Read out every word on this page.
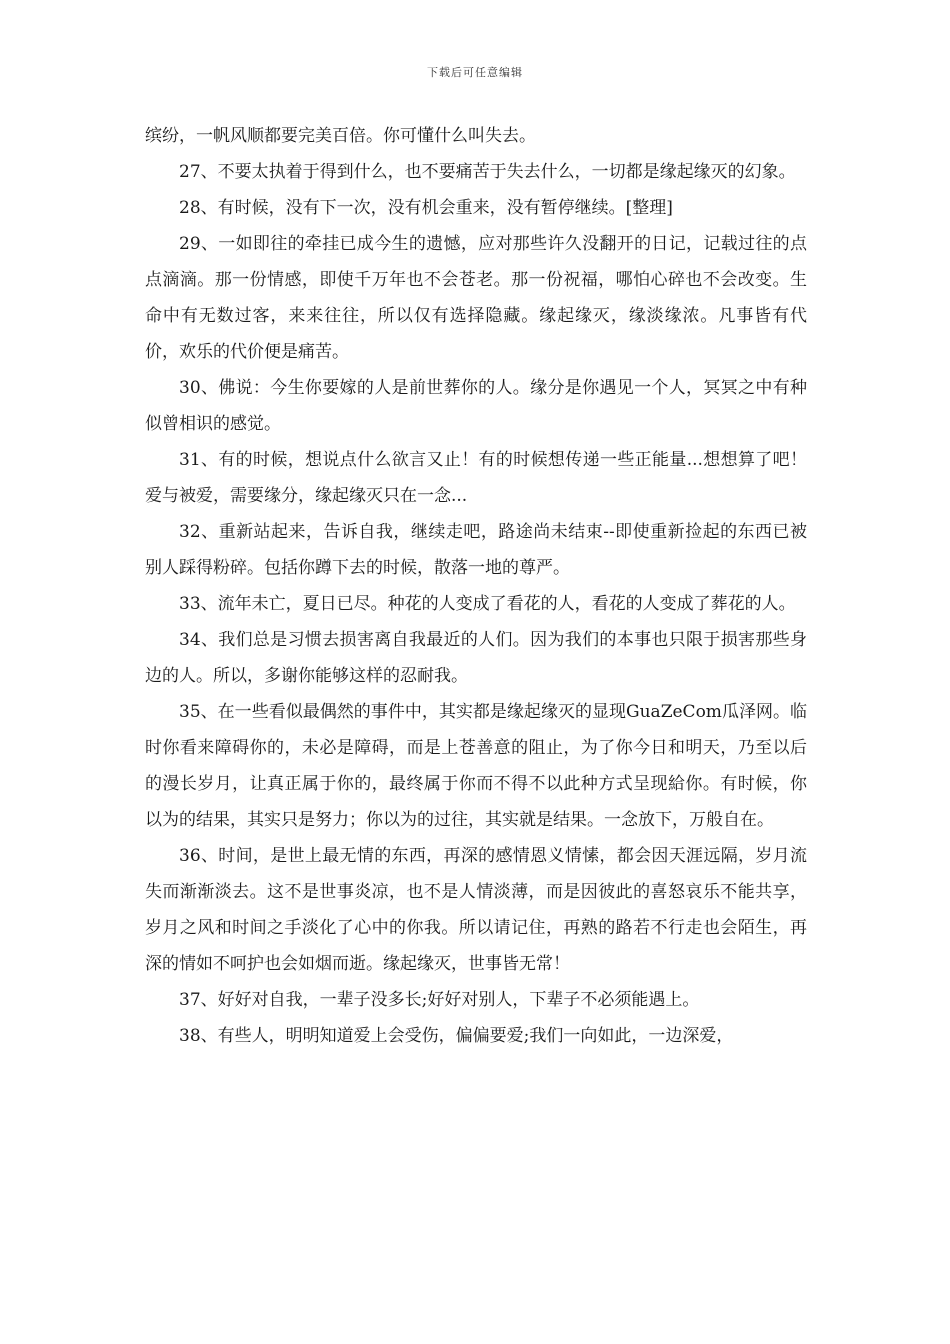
下载后可任意编辑

缤纷，一帆风顺都要完美百倍。你可懂什么叫失去。

27、不要太执着于得到什么，也不要痛苦于失去什么，一切都是缘起缘灭的幻象。

28、有时候，没有下一次，没有机会重来，没有暂停继续。[整理]

29、一如即往的牵挂已成今生的遗憾，应对那些许久没翻开的日记，记载过往的点点滴滴。那一份情感，即使千万年也不会苍老。那一份祝福，哪怕心碎也不会改变。生命中有无数过客，来来往往，所以仅有选择隐藏。缘起缘灭，缘淡缘浓。凡事皆有代价，欢乐的代价便是痛苦。

30、佛说：今生你要嫁的人是前世葬你的人。缘分是你遇见一个人，冥冥之中有种似曾相识的感觉。

31、有的时候，想说点什么欲言又止！有的时候想传递一些正能量...想想算了吧！爱与被爱，需要缘分，缘起缘灭只在一念...

32、重新站起来，告诉自我，继续走吧，路途尚未结束--即使重新捡起的东西已被别人踩得粉碎。包括你蹲下去的时候，散落一地的尊严。

33、流年未亡，夏日已尽。种花的人变成了看花的人，看花的人变成了葬花的人。

34、我们总是习惯去损害离自我最近的人们。因为我们的本事也只限于损害那些身边的人。所以，多谢你能够这样的忍耐我。

35、在一些看似最偶然的事件中，其实都是缘起缘灭的显现GuaZeCom瓜泽网。临时你看来障碍你的，未必是障碍，而是上苍善意的阻止，为了你今日和明天，乃至以后的漫长岁月，让真正属于你的，最终属于你而不得不以此种方式呈现給你。有时候，你以为的结果，其实只是努力；你以为的过往，其实就是结果。一念放下，万般自在。

36、时间，是世上最无情的东西，再深的感情恩义情愫，都会因天涯远隔，岁月流失而渐渐淡去。这不是世事炎凉，也不是人情淡薄，而是因彼此的喜怒哀乐不能共享，岁月之风和时间之手淡化了心中的你我。所以请记住，再熟的路若不行走也会陌生，再深的情如不呵护也会如烟而逝。缘起缘灭，世事皆无常！

37、好好对自我，一辈子没多长;好好对别人，下辈子不必须能遇上。

38、有些人，明明知道爱上会受伤，偏偏要爱;我们一向如此，一边深爱，
